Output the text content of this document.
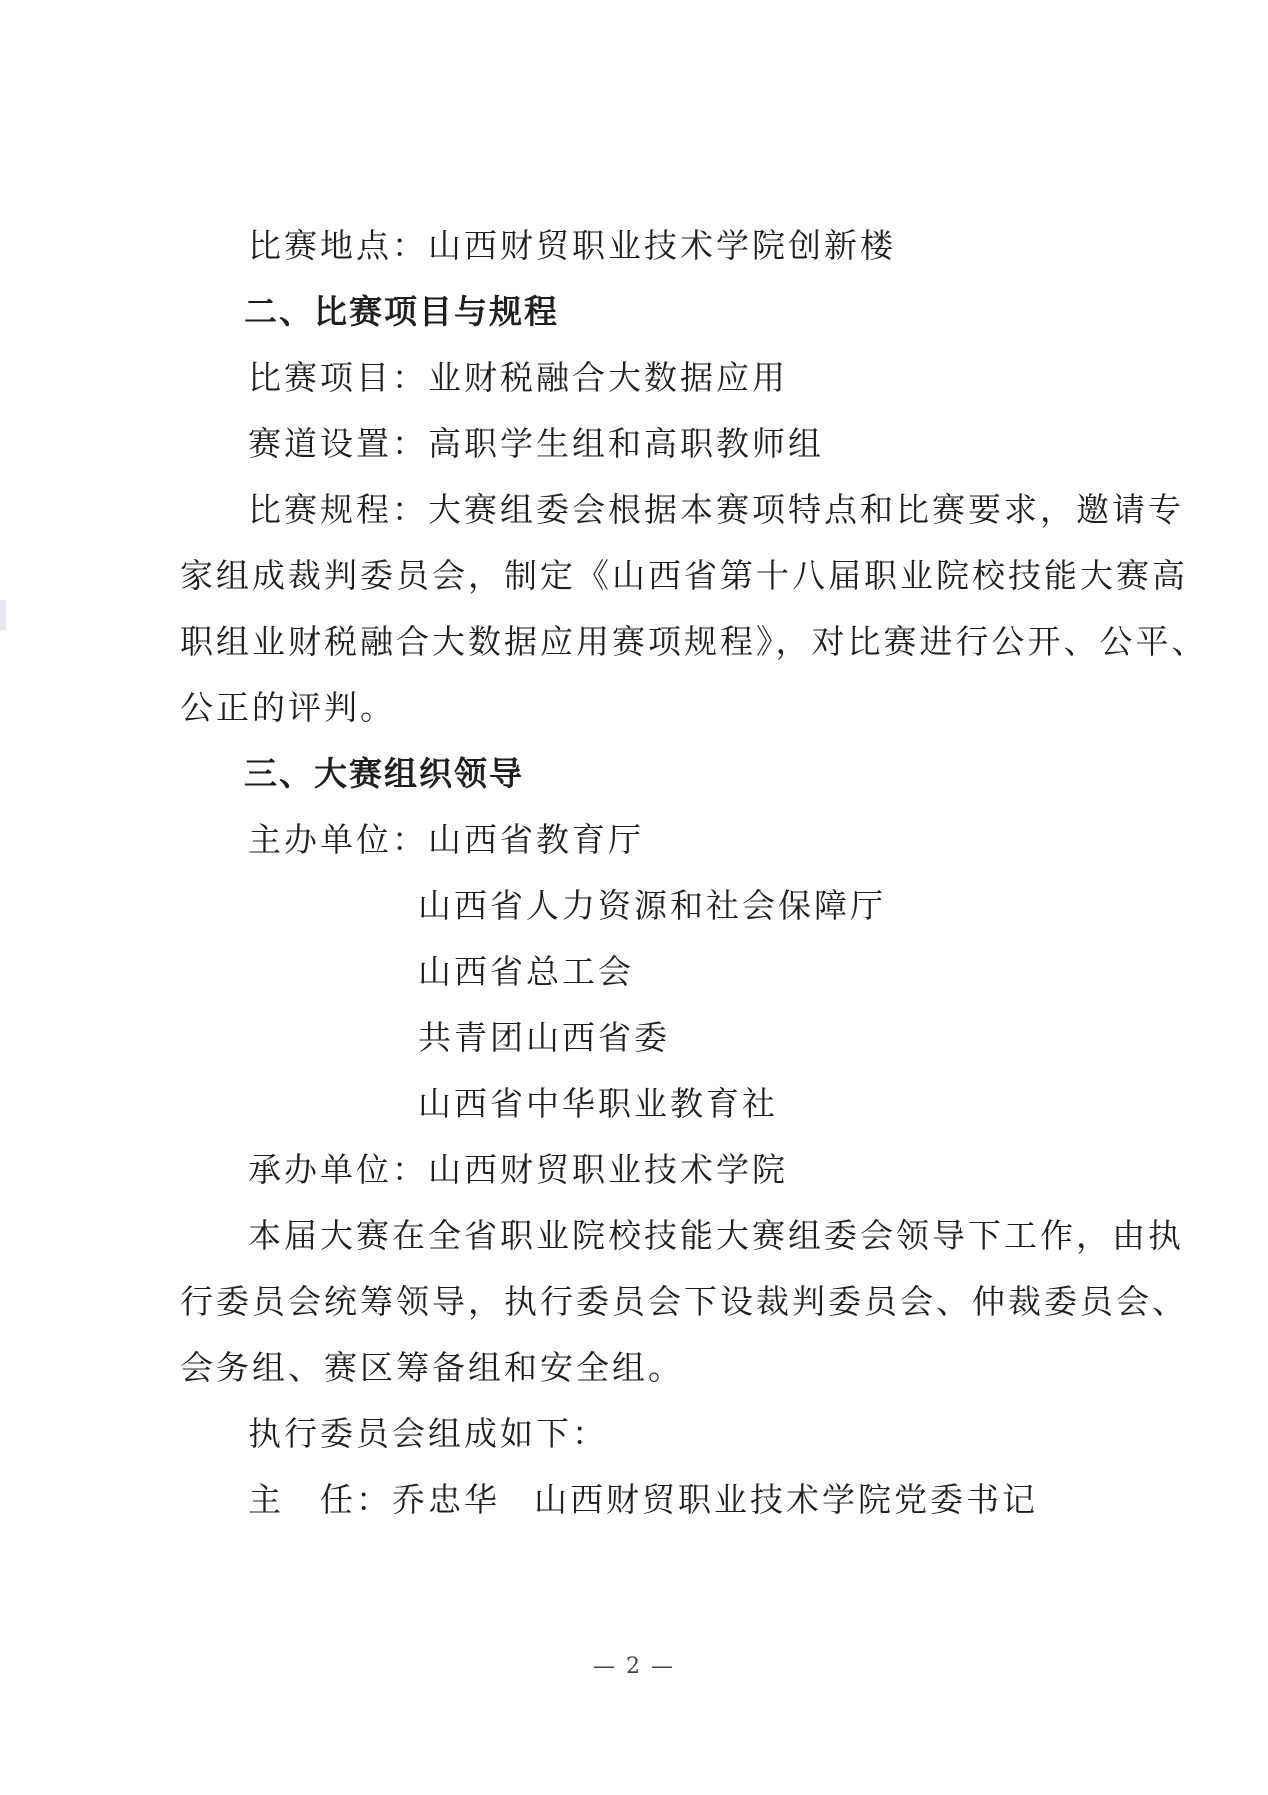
比赛地点：山西财贸职业技术学院创新楼
二、比赛项目与规程
比赛项目：业财税融合大数据应用
赛道设置：高职学生组和高职教师组
比赛规程：大赛组委会根据本赛项特点和比赛要求，邀请专
家组成裁判委员会，制定《山西省第十八届职业院校技能大赛高
职组业财税融合大数据应用赛项规程》，对比赛进行公开、公平、
公正的评判。
三、大赛组织领导
主办单位：山西省教育厅
山西省人力资源和社会保障厅
山西省总工会
共青团山西省委
山西省中华职业教育社
承办单位：山西财贸职业技术学院
本届大赛在全省职业院校技能大赛组委会领导下工作，由执
行委员会统筹领导，执行委员会下设裁判委员会、仲裁委员会、
会务组、赛区筹备组和安全组。
执行委员会组成如下：
主　任：乔忠华 山西财贸职业技术学院党委书记
— 2 —
